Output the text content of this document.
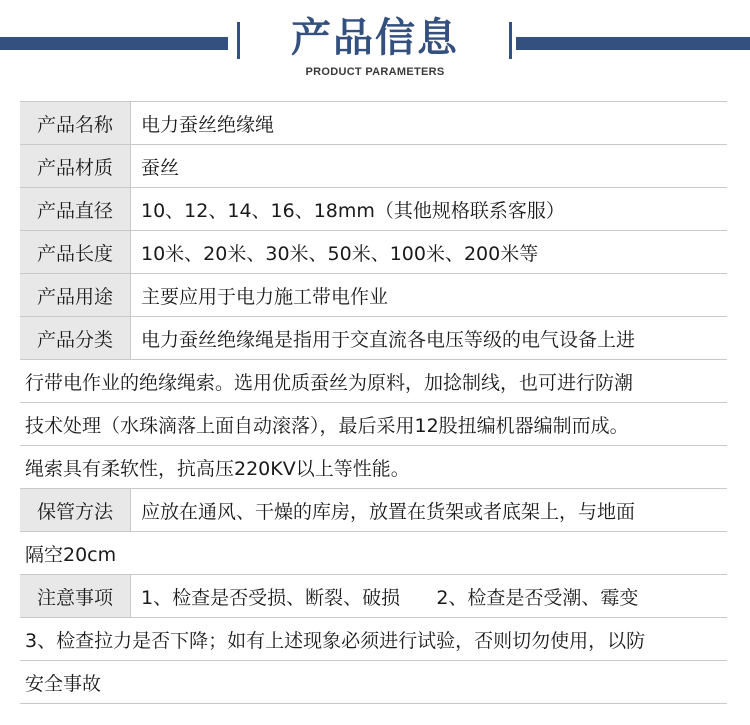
产品信息
PRODUCT PARAMETERS
产品名称	电力蚕丝绝缘绳
产品材质	蚕丝
产品直径	10、12、14、16、18mm（其他规格联系客服）
产品长度	10米、20米、30米、50米、100米、200米等
产品用途	主要应用于电力施工带电作业
产品分类	电力蚕丝绝缘绳是指用于交直流各电压等级的电气设备上进
行带电作业的绝缘绳索。选用优质蚕丝为原料，加捻制线，也可进行防潮
技术处理（水珠滴落上面自动滚落），最后采用12股扭编机器编制而成。
绳索具有柔软性，抗高压220KV以上等性能。
保管方法	应放在通风、干燥的库房，放置在货架或者底架上，与地面
隔空20cm
注意事项	1、检查是否受损、断裂、破损      2、检查是否受潮、霉变
3、检查拉力是否下降；如有上述现象必须进行试验，否则切勿使用，以防
安全事故
